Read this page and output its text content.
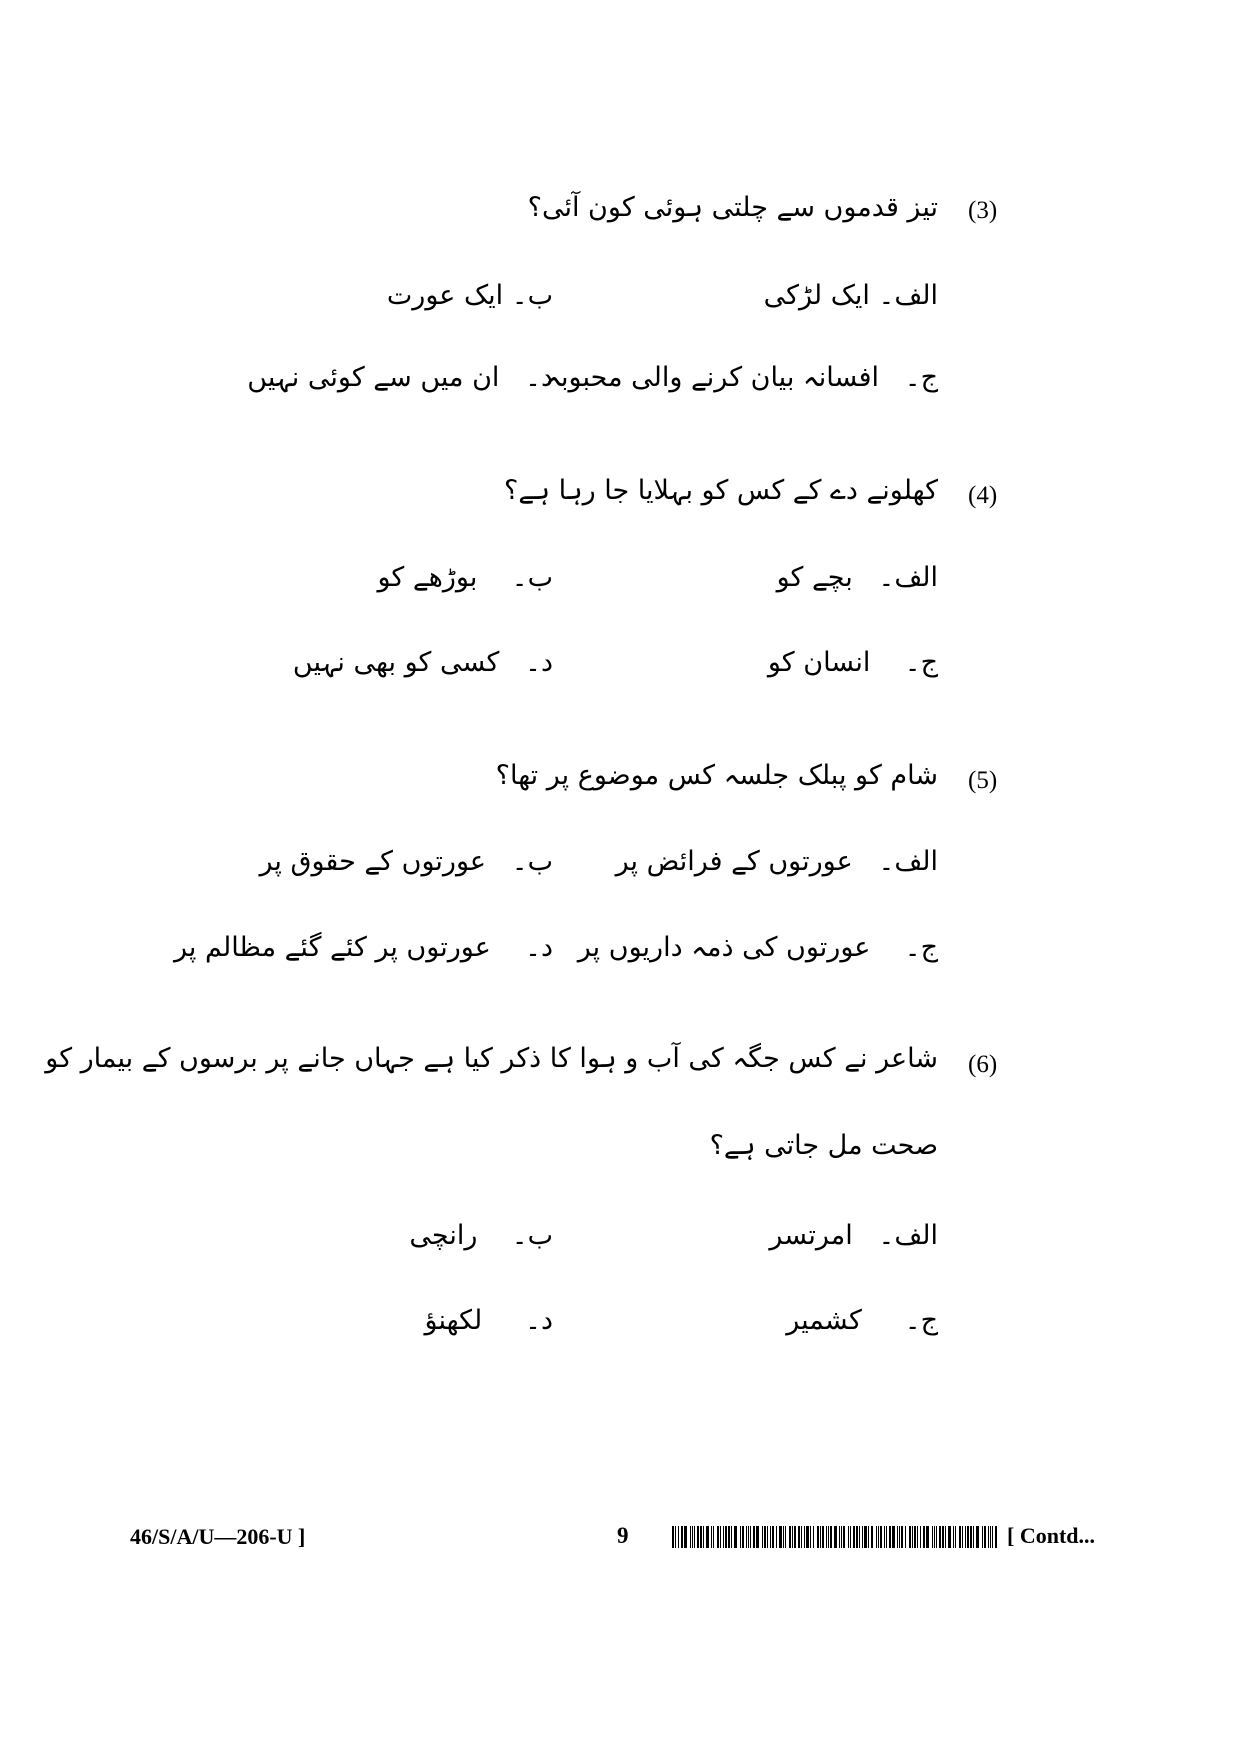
(3)
تیز قدموں سے چلتی ہوئی کون آئی؟
الف۔ ایک لڑکی
ب۔ ایک عورت
ج۔   افسانہ بیان کرنے والی محبوبہ
د۔   ان میں سے کوئی نہیں
(4)
کھلونے دے کے کس کو بہلایا جا رہا ہے؟
الف۔   بچے کو
ب۔    بوڑھے کو
ج۔    انسان کو
د۔   کسی کو بھی نہیں
(5)
شام کو پبلک جلسہ کس موضوع پر تھا؟
الف۔   عورتوں کے فرائض پر
ب۔   عورتوں کے حقوق پر
ج۔    عورتوں کی ذمہ داریوں پر
د۔    عورتوں پر کئے گئے مظالم پر
(6)
شاعر نے کس جگہ کی آب و ہوا کا ذکر کیا ہے جہاں جانے پر برسوں کے بیمار کو
صحت مل جاتی ہے؟
الف۔   امرتسر
ب۔    رانچی
ج۔     کشمیر
د۔     لکھنؤ
46/S/A/U—206-U ]	9	[ Contd...
